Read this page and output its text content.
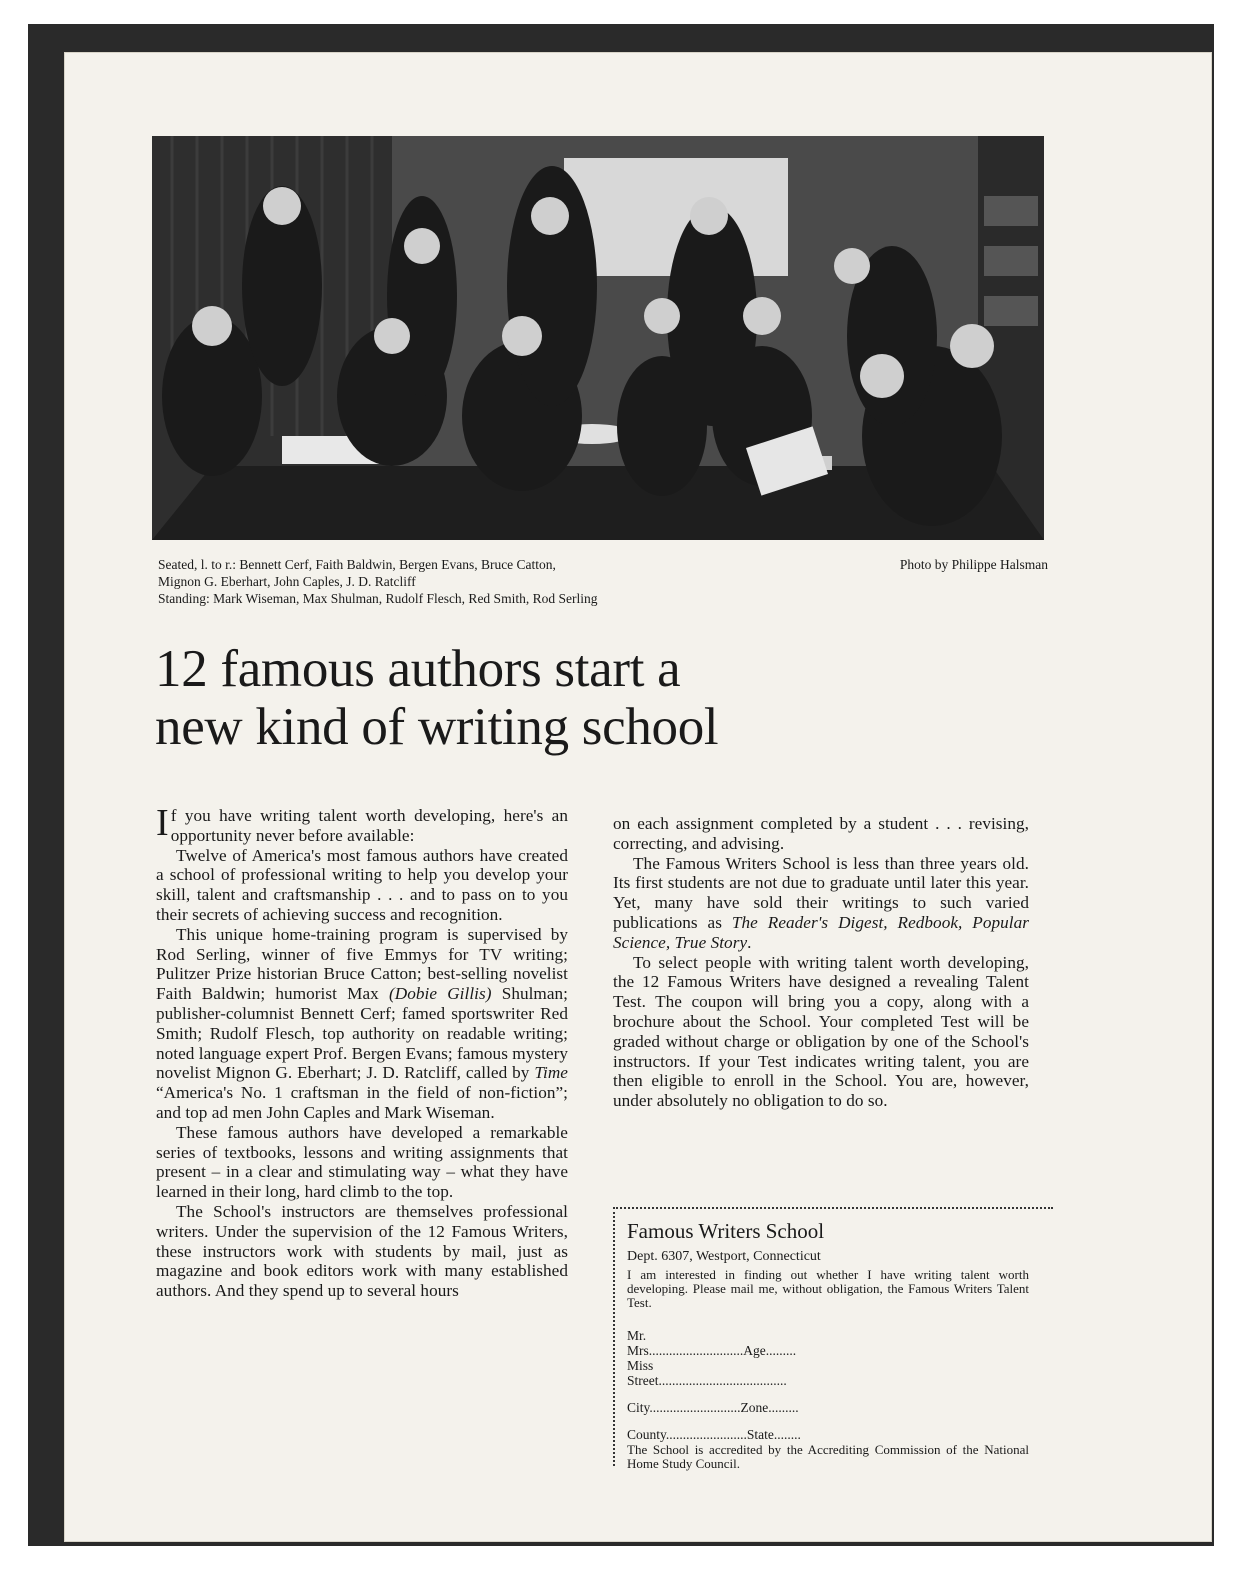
Seated, l. to r.: Bennett Cerf, Faith Baldwin, Bergen Evans, Bruce Catton,
Mignon G. Eberhart, John Caples, J. D. Ratcliff
Standing: Mark Wiseman, Max Shulman, Rudolf Flesch, Red Smith, Rod Serling
Photo by Philippe Halsman
12 famous authors start a
new kind of writing school

If you have writing talent worth developing, here's an opportunity never before available:

Twelve of America's most famous authors have created a school of professional writing to help you develop your skill, talent and craftsmanship . . . and to pass on to you their secrets of achieving success and recognition.

This unique home-training program is supervised by Rod Serling, winner of five Emmys for TV writing; Pulitzer Prize historian Bruce Catton; best-selling novelist Faith Baldwin; humorist Max (Dobie Gillis) Shulman; publisher-columnist Bennett Cerf; famed sportswriter Red Smith; Rudolf Flesch, top authority on readable writing; noted language expert Prof. Bergen Evans; famous mystery novelist Mignon G. Eberhart; J. D. Ratcliff, called by Time “America's No. 1 craftsman in the field of non-fiction”; and top ad men John Caples and Mark Wiseman.

These famous authors have developed a remarkable series of textbooks, lessons and writing assignments that present – in a clear and stimulating way – what they have learned in their long, hard climb to the top.

The School's instructors are themselves professional writers. Under the supervision of the 12 Famous Writers, these instructors work with students by mail, just as magazine and book editors work with many established authors. And they spend up to several hours

on each assignment completed by a student . . . revising, correcting, and advising.

The Famous Writers School is less than three years old. Its first students are not due to graduate until later this year. Yet, many have sold their writings to such varied publications as The Reader's Digest, Redbook, Popular Science, True Story.

To select people with writing talent worth developing, the 12 Famous Writers have designed a revealing Talent Test. The coupon will bring you a copy, along with a brochure about the School. Your completed Test will be graded without charge or obligation by one of the School's instructors. If your Test indicates writing talent, you are then eligible to enroll in the School. You are, however, under absolutely no obligation to do so.

Famous Writers School
Dept. 6307, Westport, Connecticut
I am interested in finding out whether I have writing talent worth developing. Please mail me, without obligation, the Famous Writers Talent Test.
Mr.
Mrs............................Age.........
Miss
Street......................................
City...........................Zone.........
County........................State........
The School is accredited by the Accrediting Commission of the National Home Study Council.
